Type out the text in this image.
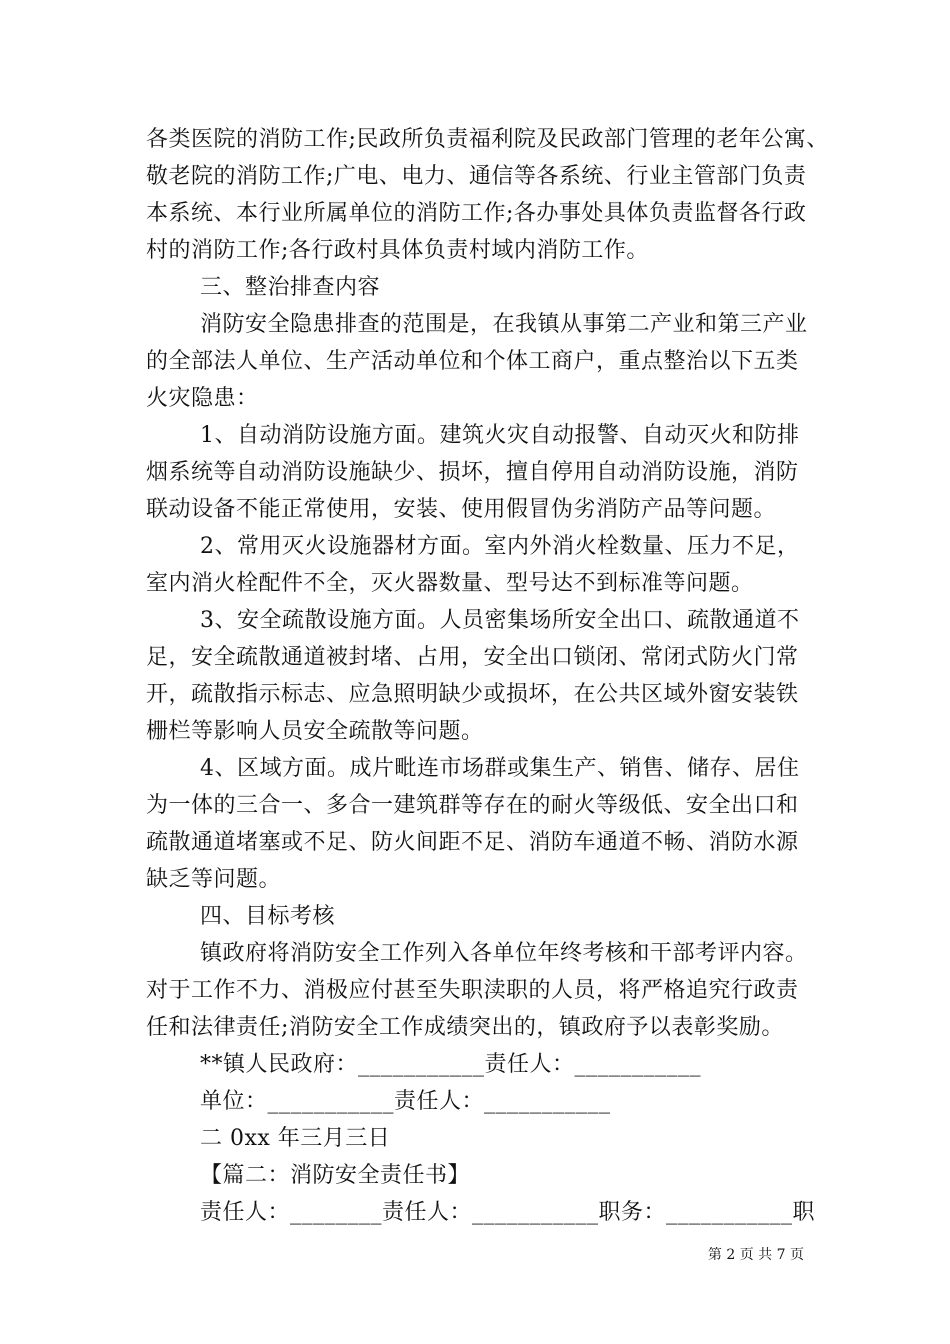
各类医院的消防工作;民政所负责福利院及民政部门管理的老年公寓、
敬老院的消防工作;广电、电力、通信等各系统、行业主管部门负责
本系统、本行业所属单位的消防工作;各办事处具体负责监督各行政
村的消防工作;各行政村具体负责村域内消防工作。
三、整治排查内容
消防安全隐患排查的范围是，在我镇从事第二产业和第三产业
的全部法人单位、生产活动单位和个体工商户，重点整治以下五类
火灾隐患：
1、自动消防设施方面。建筑火灾自动报警、自动灭火和防排
烟系统等自动消防设施缺少、损坏，擅自停用自动消防设施，消防
联动设备不能正常使用，安装、使用假冒伪劣消防产品等问题。
2、常用灭火设施器材方面。室内外消火栓数量、压力不足，
室内消火栓配件不全，灭火器数量、型号达不到标准等问题。
3、安全疏散设施方面。人员密集场所安全出口、疏散通道不
足，安全疏散通道被封堵、占用，安全出口锁闭、常闭式防火门常
开，疏散指示标志、应急照明缺少或损坏，在公共区域外窗安装铁
栅栏等影响人员安全疏散等问题。
4、区域方面。成片毗连市场群或集生产、销售、储存、居住
为一体的三合一、多合一建筑群等存在的耐火等级低、安全出口和
疏散通道堵塞或不足、防火间距不足、消防车通道不畅、消防水源
缺乏等问题。
四、目标考核
镇政府将消防安全工作列入各单位年终考核和干部考评内容。
对于工作不力、消极应付甚至失职渎职的人员，将严格追究行政责
任和法律责任;消防安全工作成绩突出的，镇政府予以表彰奖励。
**镇人民政府：___________责任人：___________
单位：___________责任人：___________
二 0xx 年三月三日
【篇二：消防安全责任书】
责任人：________责任人：___________职务：___________职
第 2 页 共 7 页
